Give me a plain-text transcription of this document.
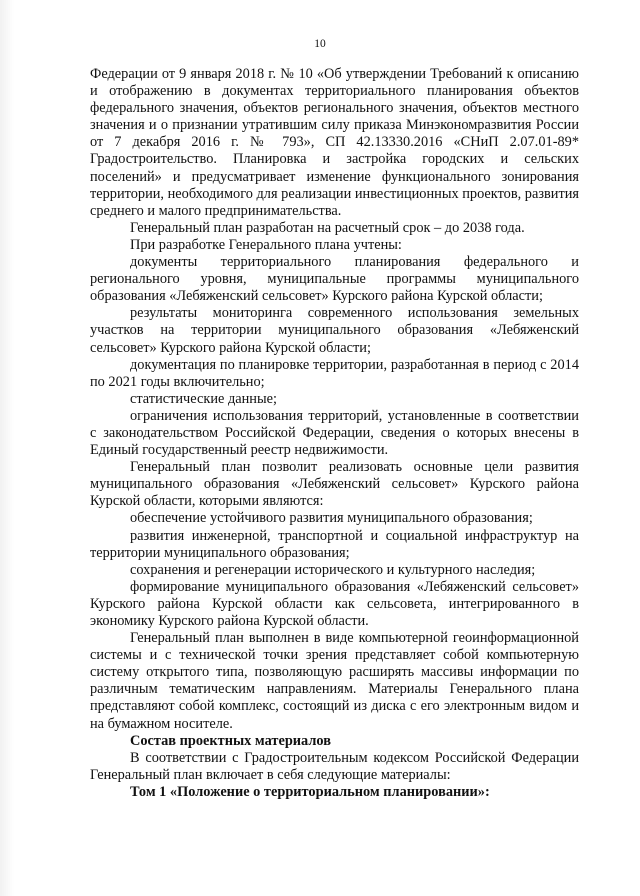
10

Федерации от 9 января 2018 г. № 10 «Об утверждении Требований к описанию и отображению в документах территориального планирования объектов федерального значения, объектов регионального значения, объектов местного значения и о признании утратившим силу приказа Минэкономразвития России от 7 декабря 2016 г. № 793», СП 42.13330.2016 «СНиП 2.07.01-89* Градостроительство. Планировка и застройка городских и сельских поселений» и предусматривает изменение функционального зонирования территории, необходимого для реализации инвестиционных проектов, развития среднего и малого предпринимательства.

Генеральный план разработан на расчетный срок – до 2038 года.

При разработке Генерального плана учтены:

документы территориального планирования федерального и регионального уровня, муниципальные программы муниципального образования «Лебяженский сельсовет» Курского района Курской области;

результаты мониторинга современного использования земельных участков на территории муниципального образования «Лебяженский сельсовет» Курского района Курской области;

документация по планировке территории, разработанная в период с 2014 по 2021 годы включительно;

статистические данные;

ограничения использования территорий, установленные в соответствии с законодательством Российской Федерации, сведения о которых внесены в Единый государственный реестр недвижимости.

Генеральный план позволит реализовать основные цели развития муниципального образования «Лебяженский сельсовет» Курского района Курской области, которыми являются:

обеспечение устойчивого развития муниципального образования;

развития инженерной, транспортной и социальной инфраструктур на территории муниципального образования;

сохранения и регенерации исторического и культурного наследия;

формирование муниципального образования «Лебяженский сельсовет» Курского района Курской области как сельсовета, интегрированного в экономику Курского района Курской области.

Генеральный план выполнен в виде компьютерной геоинформационной системы и с технической точки зрения представляет собой компьютерную систему открытого типа, позволяющую расширять массивы информации по различным тематическим направлениям. Материалы Генерального плана представляют собой комплекс, состоящий из диска с его электронным видом и на бумажном носителе.

Состав проектных материалов

В соответствии с Градостроительным кодексом Российской Федерации Генеральный план включает в себя следующие материалы:

Том 1 «Положение о территориальном планировании»:
